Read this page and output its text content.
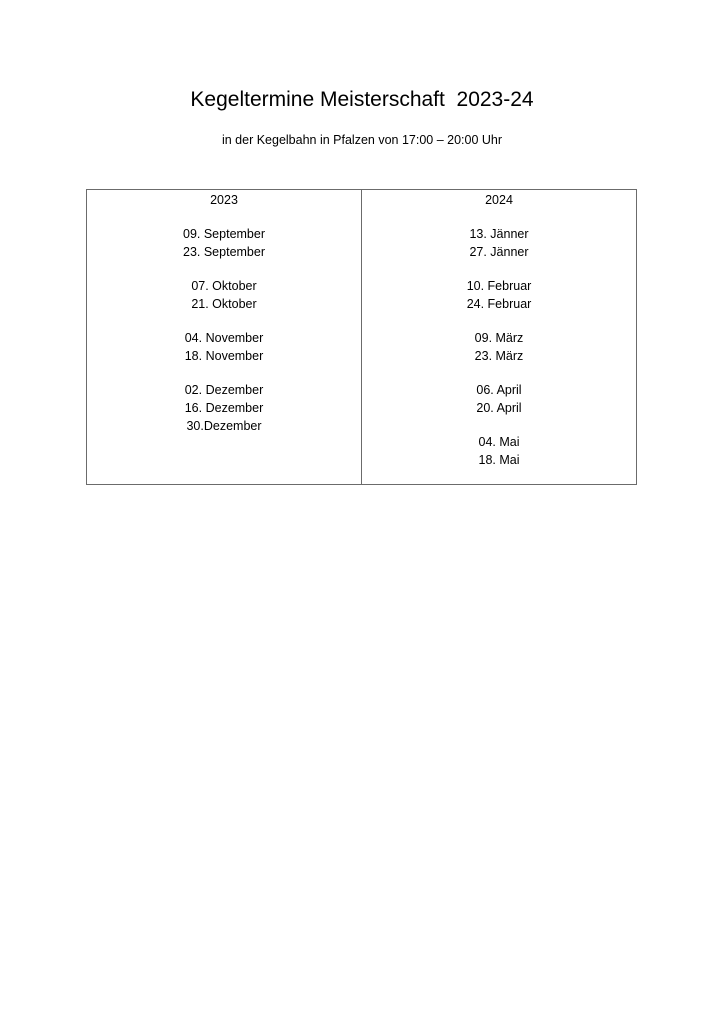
Kegeltermine Meisterschaft  2023-24
in der Kegelbahn in Pfalzen von 17:00 – 20:00 Uhr
2023
09. September
23. September
07. Oktober
21. Oktober
04. November
18. November
02. Dezember
16. Dezember
30.Dezember
2024
13. Jänner
27. Jänner
10. Februar
24. Februar
09. März
23. März
06. April
20. April
04. Mai
18. Mai
